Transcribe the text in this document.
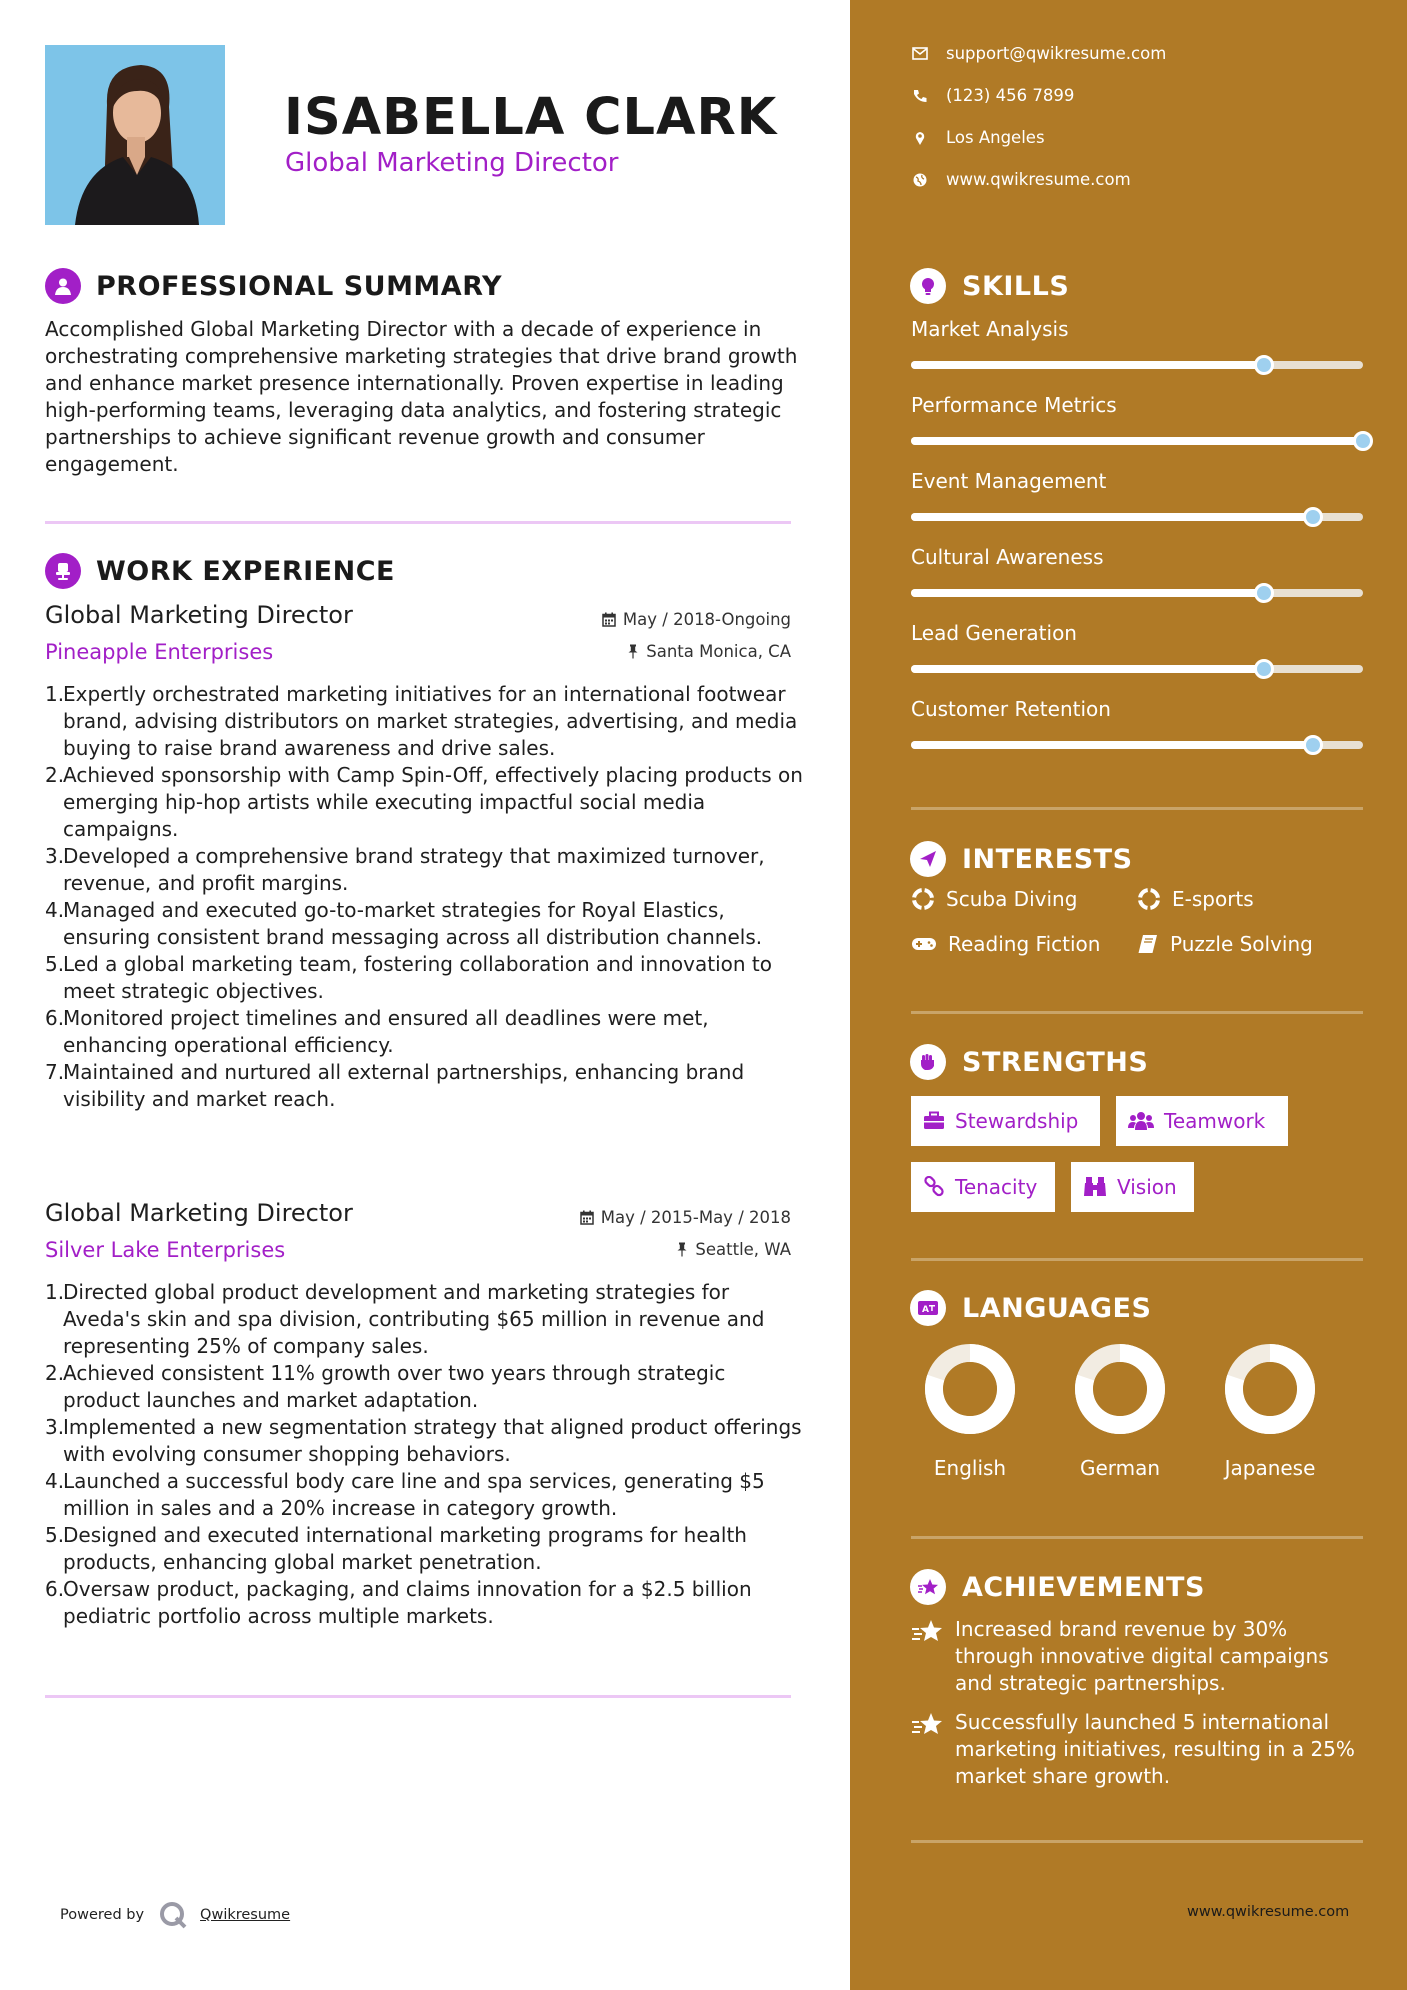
ISABELLA CLARK
Global Marketing Director
PROFESSIONAL SUMMARY

Accomplished Global Marketing Director with a decade of experience in orchestrating comprehensive marketing strategies that drive brand growth and enhance market presence internationally. Proven expertise in leading high-performing teams, leveraging data analytics, and fostering strategic partnerships to achieve significant revenue growth and consumer engagement.

WORK EXPERIENCE
Global Marketing Director	May / 2018-Ongoing
Pineapple Enterprises	Santa Monica, CA
1.
Expertly orchestrated marketing initiatives for an international footwear brand, advising distributors on market strategies, advertising, and media buying to raise brand awareness and drive sales.
2.
Achieved sponsorship with Camp Spin-Off, effectively placing products on emerging hip-hop artists while executing impactful social media campaigns.
3.
Developed a comprehensive brand strategy that maximized turnover, revenue, and profit margins.
4.
Managed and executed go-to-market strategies for Royal Elastics, ensuring consistent brand messaging across all distribution channels.
5.
Led a global marketing team, fostering collaboration and innovation to meet strategic objectives.
6.
Monitored project timelines and ensured all deadlines were met, enhancing operational efficiency.
7.
Maintained and nurtured all external partnerships, enhancing brand visibility and market reach.
Global Marketing Director	May / 2015-May / 2018
Silver Lake Enterprises	Seattle, WA
1.
Directed global product development and marketing strategies for Aveda's skin and spa division, contributing $65 million in revenue and representing 25% of company sales.
2.
Achieved consistent 11% growth over two years through strategic product launches and market adaptation.
3.
Implemented a new segmentation strategy that aligned product offerings with evolving consumer shopping behaviors.
4.
Launched a successful body care line and spa services, generating $5 million in sales and a 20% increase in category growth.
5.
Designed and executed international marketing programs for health products, enhancing global market penetration.
6.
Oversaw product, packaging, and claims innovation for a $2.5 billion pediatric portfolio across multiple markets.
Powered by	Qwikresume
support@qwikresume.com
(123) 456 7899
Los Angeles
www.qwikresume.com
SKILLS
Market Analysis
Performance Metrics
Event Management
Cultural Awareness
Lead Generation
Customer Retention
INTERESTS
Scuba Diving	E-sports
Reading Fiction	Puzzle Solving
STRENGTHS
Stewardship	Teamwork
Tenacity	Vision
A LANGUAGES
English	German	Japanese
ACHIEVEMENTS
Increased brand revenue by 30% through innovative digital campaigns and strategic partnerships.
Successfully launched 5 international marketing initiatives, resulting in a 25% market share growth.
www.qwikresume.com
